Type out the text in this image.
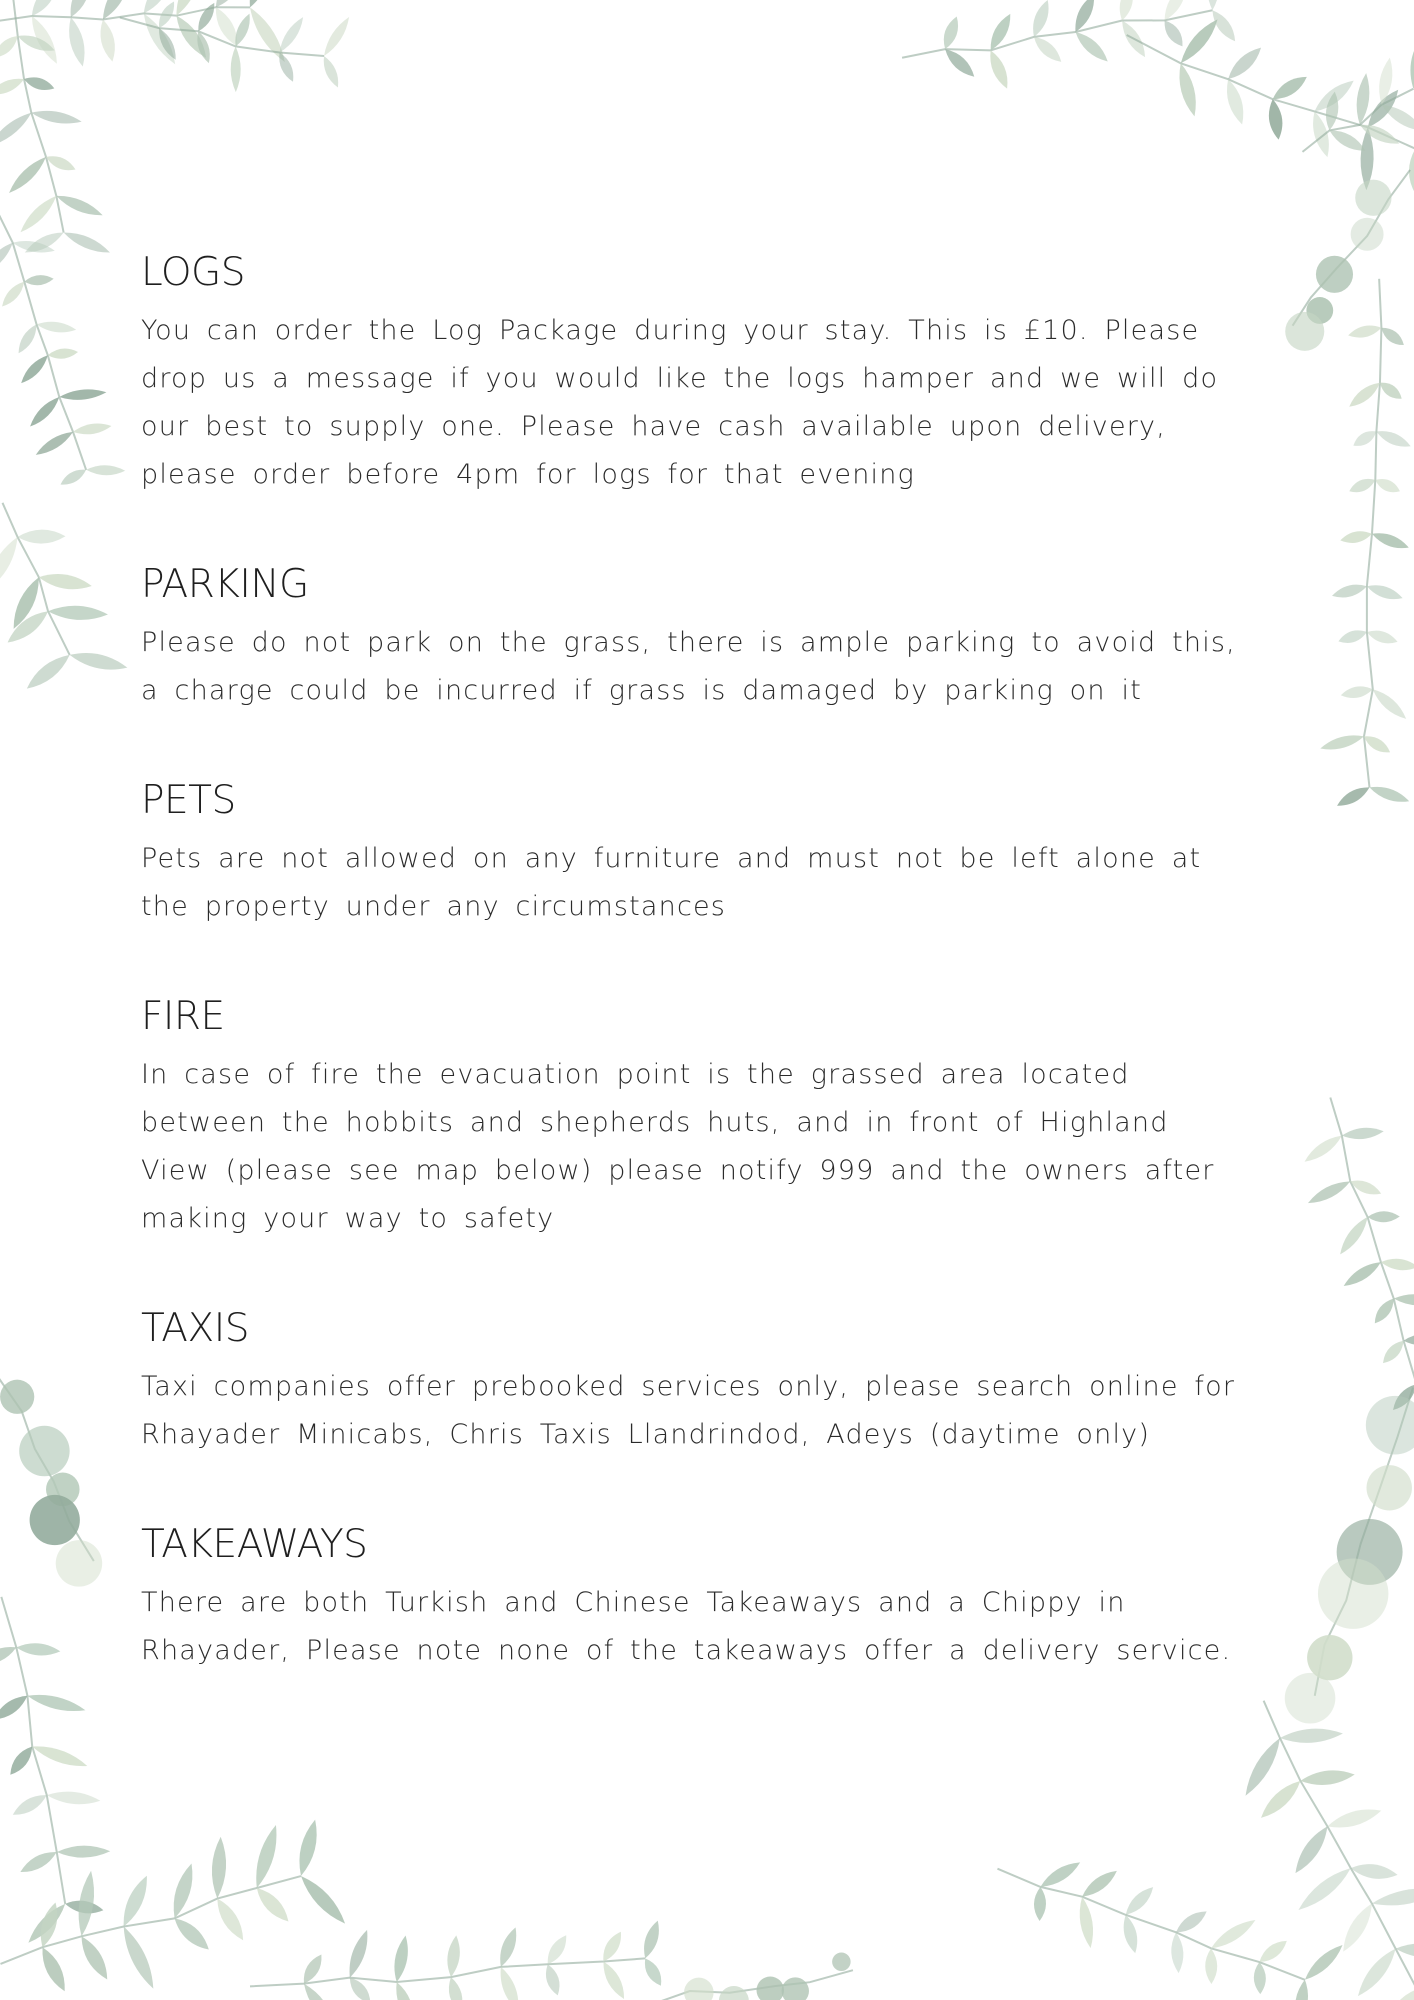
LOGS

You can order the Log Package during your stay. This is £10. Please drop us a message if you would like the logs hamper and we will do our best to supply one. Please have cash available upon delivery, please order before 4pm for logs for that evening

PARKING

Please do not park on the grass, there is ample parking to avoid this, a charge could be incurred if grass is damaged by parking on it

PETS

Pets are not allowed on any furniture and must not be left alone at the property under any circumstances

FIRE

In case of fire the evacuation point is the grassed area located between the hobbits and shepherds huts, and in front of Highland View (please see map below) please notify 999 and the owners after making your way to safety

TAXIS

Taxi companies offer prebooked services only, please search online for Rhayader Minicabs, Chris Taxis Llandrindod, Adeys (daytime only)

TAKEAWAYS

There are both Turkish and Chinese Takeaways and a Chippy in Rhayader, Please note none of the takeaways offer a delivery service.
